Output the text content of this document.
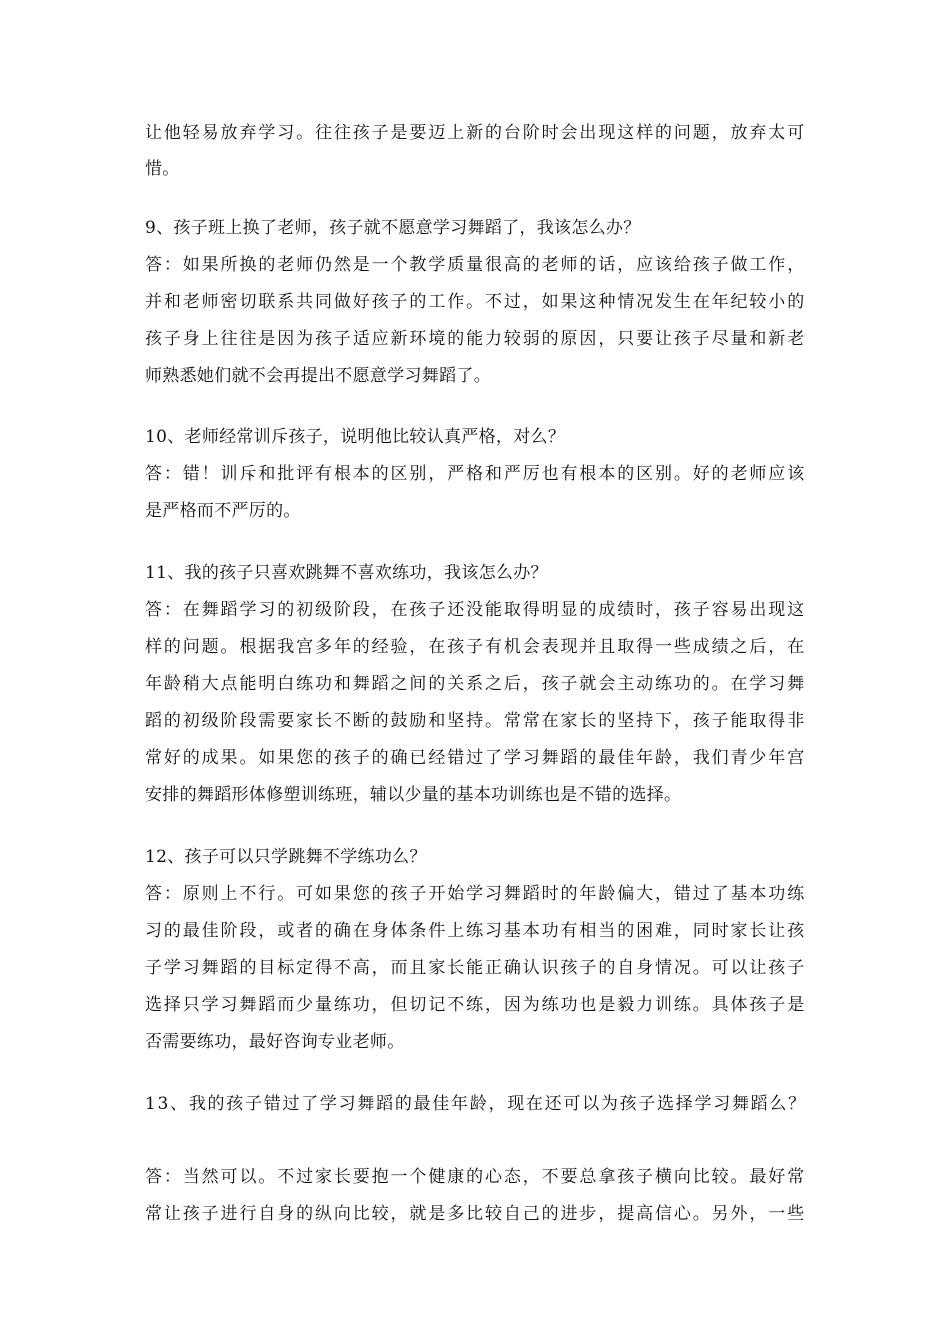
让他轻易放弃学习。往往孩子是要迈上新的台阶时会出现这样的问题，放弃太可
惜。
9、孩子班上换了老师，孩子就不愿意学习舞蹈了，我该怎么办？
答：如果所换的老师仍然是一个教学质量很高的老师的话，应该给孩子做工作，
并和老师密切联系共同做好孩子的工作。不过，如果这种情况发生在年纪较小的
孩子身上往往是因为孩子适应新环境的能力较弱的原因，只要让孩子尽量和新老
师熟悉她们就不会再提出不愿意学习舞蹈了。
10、老师经常训斥孩子，说明他比较认真严格，对么？
答：错！训斥和批评有根本的区别，严格和严厉也有根本的区别。好的老师应该
是严格而不严厉的。
11、我的孩子只喜欢跳舞不喜欢练功，我该怎么办？
答：在舞蹈学习的初级阶段，在孩子还没能取得明显的成绩时，孩子容易出现这
样的问题。根据我宫多年的经验，在孩子有机会表现并且取得一些成绩之后，在
年龄稍大点能明白练功和舞蹈之间的关系之后，孩子就会主动练功的。在学习舞
蹈的初级阶段需要家长不断的鼓励和坚持。常常在家长的坚持下，孩子能取得非
常好的成果。如果您的孩子的确已经错过了学习舞蹈的最佳年龄，我们青少年宫
安排的舞蹈形体修塑训练班，辅以少量的基本功训练也是不错的选择。
12、孩子可以只学跳舞不学练功么？
答：原则上不行。可如果您的孩子开始学习舞蹈时的年龄偏大，错过了基本功练
习的最佳阶段，或者的确在身体条件上练习基本功有相当的困难，同时家长让孩
子学习舞蹈的目标定得不高，而且家长能正确认识孩子的自身情况。可以让孩子
选择只学习舞蹈而少量练功，但切记不练，因为练功也是毅力训练。具体孩子是
否需要练功，最好咨询专业老师。
13、我的孩子错过了学习舞蹈的最佳年龄，现在还可以为孩子选择学习舞蹈么？
答：当然可以。不过家长要抱一个健康的心态，不要总拿孩子横向比较。最好常
常让孩子进行自身的纵向比较，就是多比较自己的进步，提高信心。另外，一些
